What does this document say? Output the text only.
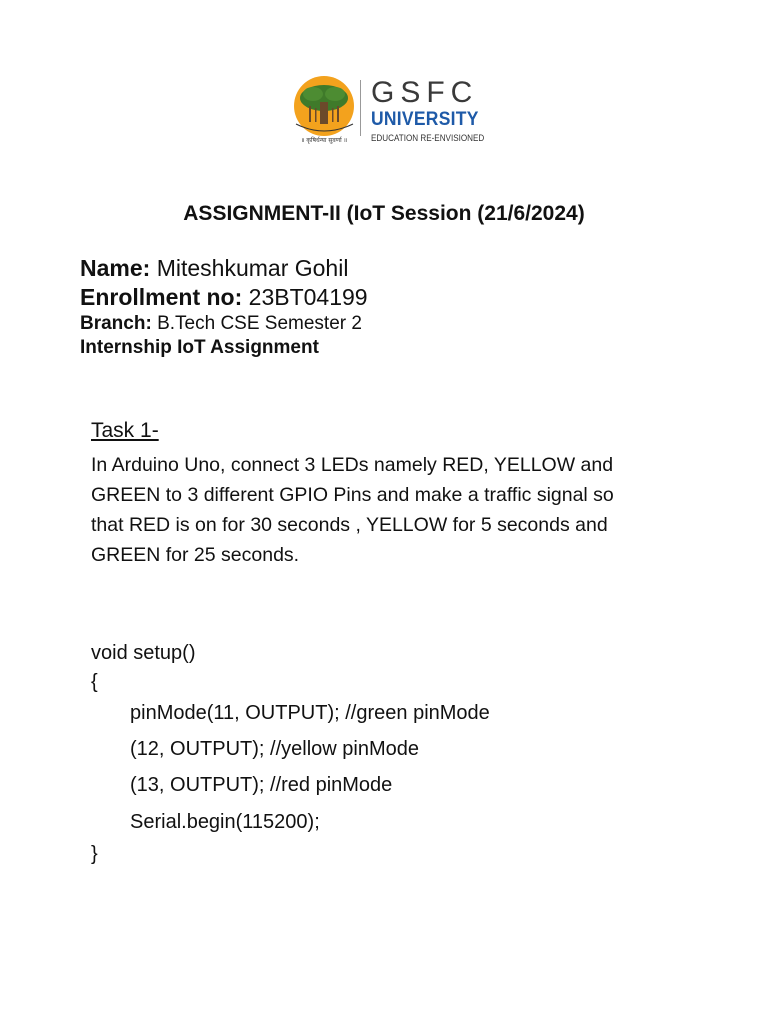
॥ कृषिर्धन्या सुवर्णा ॥
GSFC
UNIVERSITY
EDUCATION RE-ENVISIONED
ASSIGNMENT-II (IoT Session (21/6/2024)
Name: Miteshkumar Gohil
Enrollment no: 23BT04199
Branch: B.Tech CSE Semester 2
Internship IoT Assignment
Task 1-
In Arduino Uno, connect 3 LEDs namely RED, YELLOW and
GREEN to 3 different GPIO Pins and make a traffic signal so
that RED is on for 30 seconds , YELLOW for 5 seconds and
GREEN for 25 seconds.
void setup()
{
pinMode(11, OUTPUT); //green pinMode
(12, OUTPUT); //yellow pinMode
(13, OUTPUT); //red pinMode
Serial.begin(115200);
}
